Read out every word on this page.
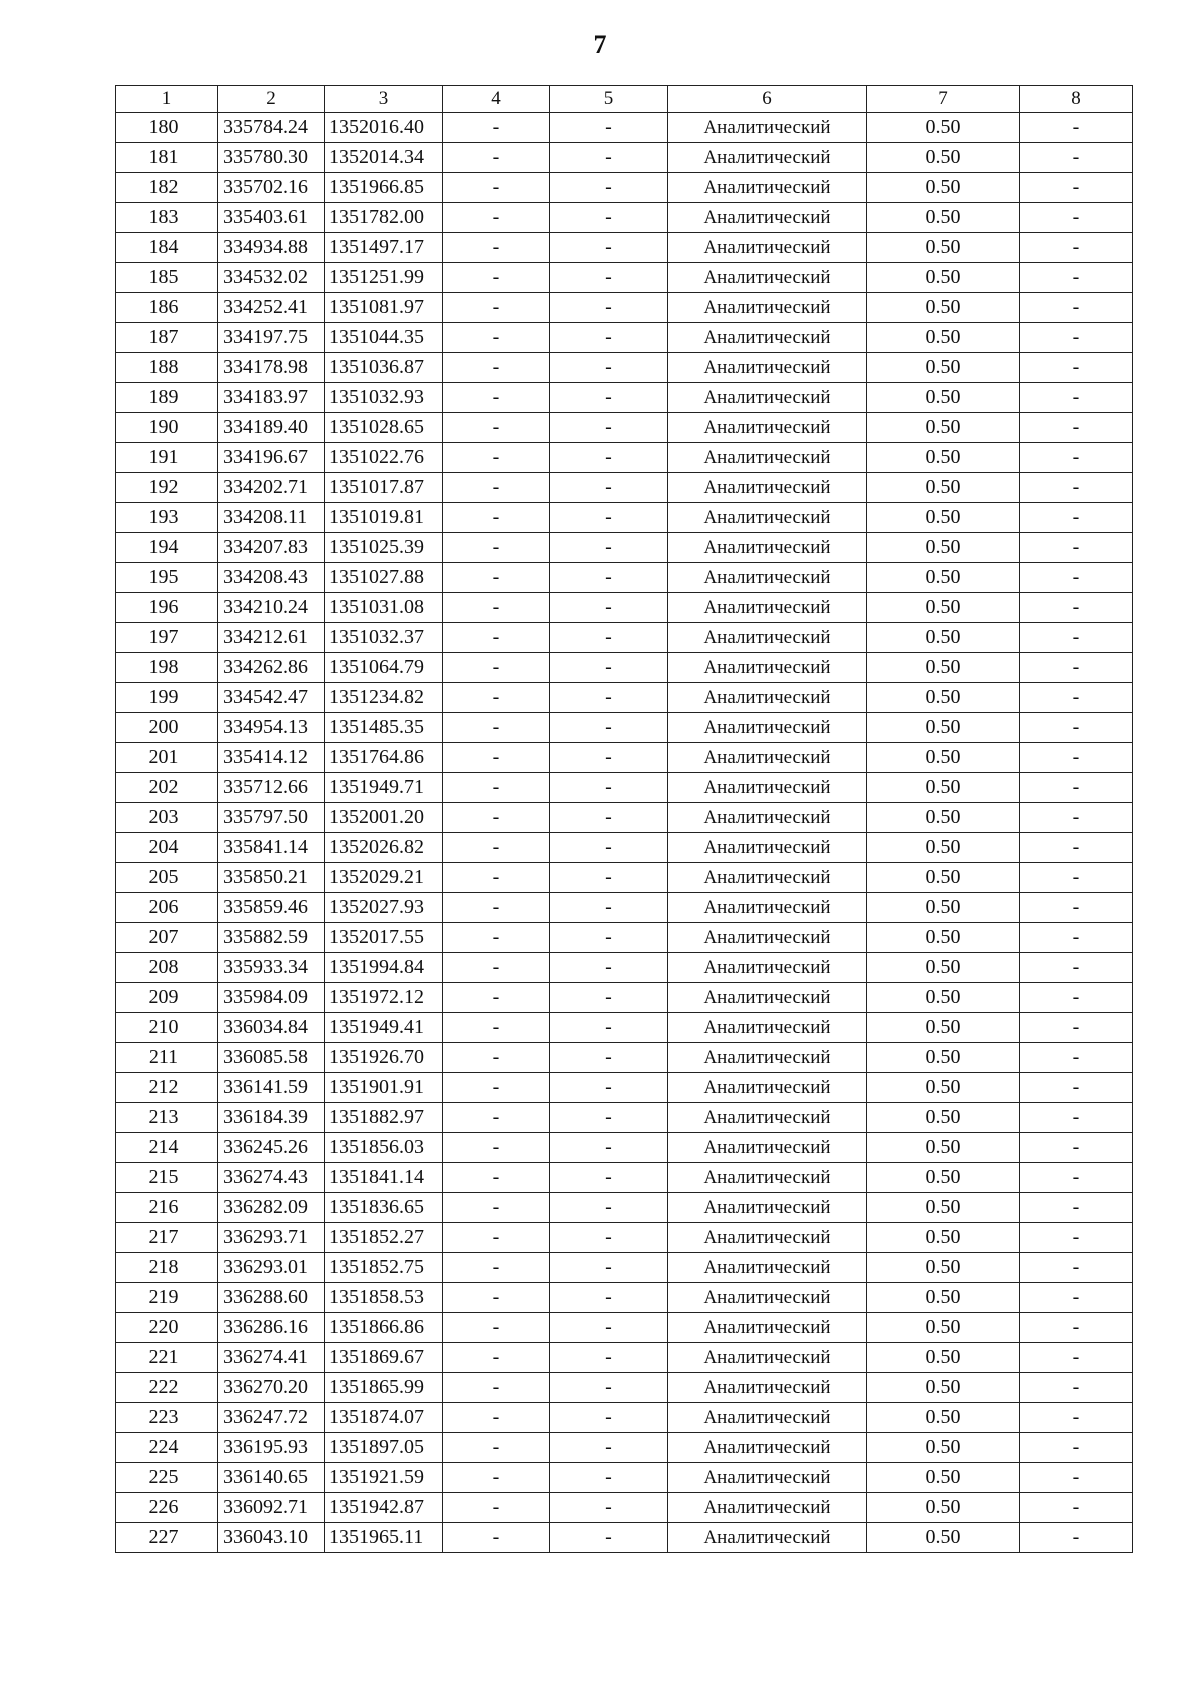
7
1	2	3	4	5	6	7	8
180	335784.24	1352016.40	-	-	Аналитический	0.50	-
181	335780.30	1352014.34	-	-	Аналитический	0.50	-
182	335702.16	1351966.85	-	-	Аналитический	0.50	-
183	335403.61	1351782.00	-	-	Аналитический	0.50	-
184	334934.88	1351497.17	-	-	Аналитический	0.50	-
185	334532.02	1351251.99	-	-	Аналитический	0.50	-
186	334252.41	1351081.97	-	-	Аналитический	0.50	-
187	334197.75	1351044.35	-	-	Аналитический	0.50	-
188	334178.98	1351036.87	-	-	Аналитический	0.50	-
189	334183.97	1351032.93	-	-	Аналитический	0.50	-
190	334189.40	1351028.65	-	-	Аналитический	0.50	-
191	334196.67	1351022.76	-	-	Аналитический	0.50	-
192	334202.71	1351017.87	-	-	Аналитический	0.50	-
193	334208.11	1351019.81	-	-	Аналитический	0.50	-
194	334207.83	1351025.39	-	-	Аналитический	0.50	-
195	334208.43	1351027.88	-	-	Аналитический	0.50	-
196	334210.24	1351031.08	-	-	Аналитический	0.50	-
197	334212.61	1351032.37	-	-	Аналитический	0.50	-
198	334262.86	1351064.79	-	-	Аналитический	0.50	-
199	334542.47	1351234.82	-	-	Аналитический	0.50	-
200	334954.13	1351485.35	-	-	Аналитический	0.50	-
201	335414.12	1351764.86	-	-	Аналитический	0.50	-
202	335712.66	1351949.71	-	-	Аналитический	0.50	-
203	335797.50	1352001.20	-	-	Аналитический	0.50	-
204	335841.14	1352026.82	-	-	Аналитический	0.50	-
205	335850.21	1352029.21	-	-	Аналитический	0.50	-
206	335859.46	1352027.93	-	-	Аналитический	0.50	-
207	335882.59	1352017.55	-	-	Аналитический	0.50	-
208	335933.34	1351994.84	-	-	Аналитический	0.50	-
209	335984.09	1351972.12	-	-	Аналитический	0.50	-
210	336034.84	1351949.41	-	-	Аналитический	0.50	-
211	336085.58	1351926.70	-	-	Аналитический	0.50	-
212	336141.59	1351901.91	-	-	Аналитический	0.50	-
213	336184.39	1351882.97	-	-	Аналитический	0.50	-
214	336245.26	1351856.03	-	-	Аналитический	0.50	-
215	336274.43	1351841.14	-	-	Аналитический	0.50	-
216	336282.09	1351836.65	-	-	Аналитический	0.50	-
217	336293.71	1351852.27	-	-	Аналитический	0.50	-
218	336293.01	1351852.75	-	-	Аналитический	0.50	-
219	336288.60	1351858.53	-	-	Аналитический	0.50	-
220	336286.16	1351866.86	-	-	Аналитический	0.50	-
221	336274.41	1351869.67	-	-	Аналитический	0.50	-
222	336270.20	1351865.99	-	-	Аналитический	0.50	-
223	336247.72	1351874.07	-	-	Аналитический	0.50	-
224	336195.93	1351897.05	-	-	Аналитический	0.50	-
225	336140.65	1351921.59	-	-	Аналитический	0.50	-
226	336092.71	1351942.87	-	-	Аналитический	0.50	-
227	336043.10	1351965.11	-	-	Аналитический	0.50	-
